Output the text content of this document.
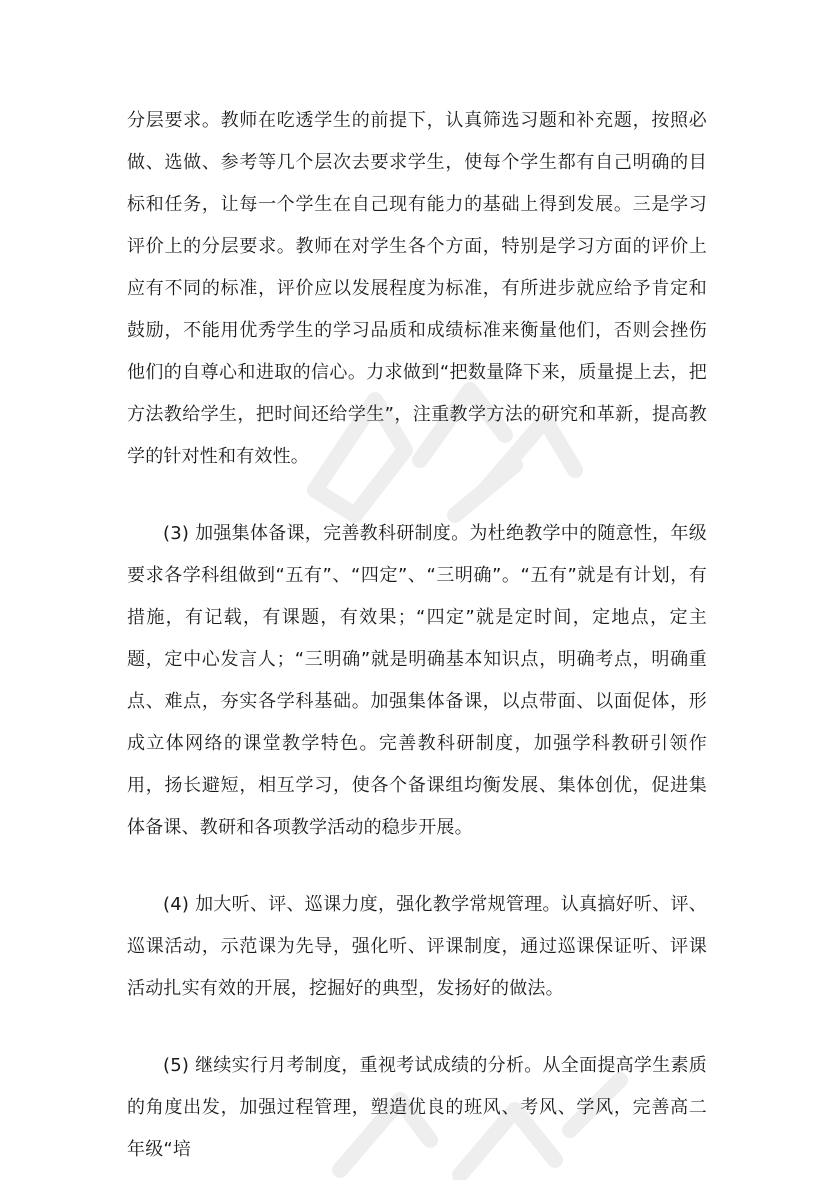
分层要求。教师在吃透学生的前提下，认真筛选习题和补充题，按照必做、选做、参考等几个层次去要求学生，使每个学生都有自己明确的目标和任务，让每一个学生在自己现有能力的基础上得到发展。三是学习评价上的分层要求。教师在对学生各个方面，特别是学习方面的评价上应有不同的标准，评价应以发展程度为标准，有所进步就应给予肯定和鼓励，不能用优秀学生的学习品质和成绩标准来衡量他们，否则会挫伤他们的自尊心和进取的信心。力求做到“把数量降下来，质量提上去，把方法教给学生，把时间还给学生”，注重教学方法的研究和革新，提高教学的针对性和有效性。

(3) 加强集体备课，完善教科研制度。为杜绝教学中的随意性，年级要求各学科组做到“五有”、“四定”、“三明确”。“五有”就是有计划，有措施，有记载，有课题，有效果；“四定”就是定时间，定地点，定主题，定中心发言人；“三明确”就是明确基本知识点，明确考点，明确重点、难点，夯实各学科基础。加强集体备课，以点带面、以面促体，形成立体网络的课堂教学特色。完善教科研制度，加强学科教研引领作用，扬长避短，相互学习，使各个备课组均衡发展、集体创优，促进集体备课、教研和各项教学活动的稳步开展。

(4) 加大听、评、巡课力度，强化教学常规管理。认真搞好听、评、巡课活动，示范课为先导，强化听、评课制度，通过巡课保证听、评课活动扎实有效的开展，挖掘好的典型，发扬好的做法。

(5) 继续实行月考制度，重视考试成绩的分析。从全面提高学生素质的角度出发，加强过程管理，塑造优良的班风、考风、学风，完善高二年级“培
